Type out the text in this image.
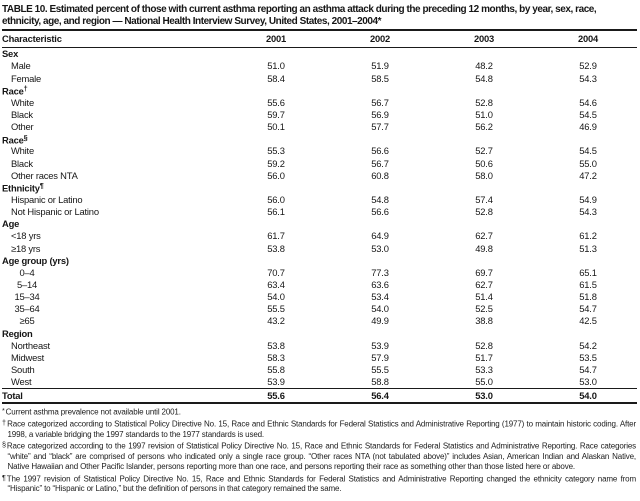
TABLE 10. Estimated percent of those with current asthma reporting an asthma attack during the preceding 12 months, by year, sex, race, ethnicity, age, and region — National Health Interview Survey, United States, 2001–2004*
Characteristic	2001	2002	2003	2004
Sex
Male	51.0	51.9	48.2	52.9
Female	58.4	58.5	54.8	54.3
Race†
White	55.6	56.7	52.8	54.6
Black	59.7	56.9	51.0	54.5
Other	50.1	57.7	56.2	46.9
Race§
White	55.3	56.6	52.7	54.5
Black	59.2	56.7	50.6	55.0
Other races NTA	56.0	60.8	58.0	47.2
Ethnicity¶
Hispanic or Latino	56.0	54.8	57.4	54.9
Not Hispanic or Latino	56.1	56.6	52.8	54.3
Age
<18 yrs	61.7	64.9	62.7	61.2
≥18 yrs	53.8	53.0	49.8	51.3
Age group (yrs)
0–4	70.7	77.3	69.7	65.1
5–14	63.4	63.6	62.7	61.5
15–34	54.0	53.4	51.4	51.8
35–64	55.5	54.0	52.5	54.7
≥65	43.2	49.9	38.8	42.5
Region
Northeast	53.8	53.9	52.8	54.2
Midwest	58.3	57.9	51.7	53.5
South	55.8	55.5	53.3	54.7
West	53.9	58.8	55.0	53.0
Total	55.6	56.4	53.0	54.0
*Current asthma prevalence not available until 2001.
†Race categorized according to Statistical Policy Directive No. 15, Race and Ethnic Standards for Federal Statistics and Administrative Reporting (1977) to maintain historic coding. After 1998, a variable bridging the 1997 standards to the 1977 standards is used.
§Race categorized according to the 1997 revision of Statistical Policy Directive No. 15, Race and Ethnic Standards for Federal Statistics and Administrative Reporting. Race categories “white” and “black” are comprised of persons who indicated only a single race group. “Other races NTA (not tabulated above)” includes Asian, American Indian and Alaskan Native, Native Hawaiian and Other Pacific Islander, persons reporting more than one race, and persons reporting their race as something other than those listed here or above.
¶The 1997 revision of Statistical Policy Directive No. 15, Race and Ethnic Standards for Federal Statistics and Administrative Reporting changed the ethnicity category name from “Hispanic” to “Hispanic or Latino,” but the definition of persons in that category remained the same.
